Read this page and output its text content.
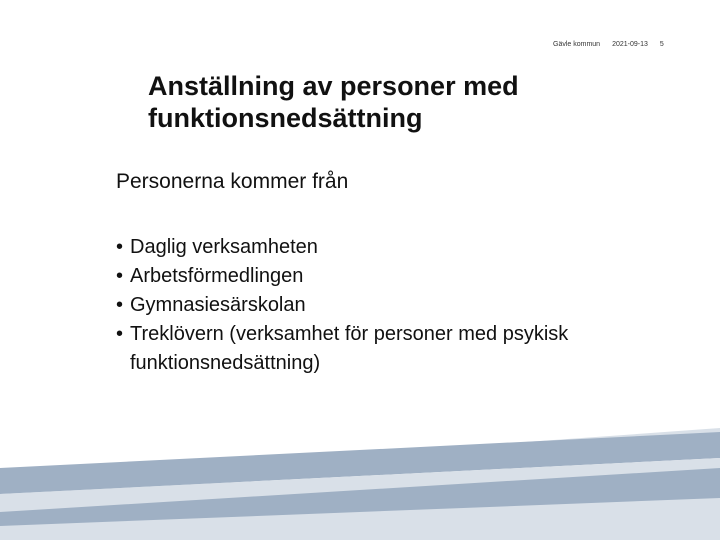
Gävle kommun 2021-09-13 5
Anställning av personer med
funktionsnedsättning
Personerna kommer från
• Daglig verksamheten
• Arbetsförmedlingen
• Gymnasiesärskolan
• Treklövern (verksamhet för personer med psykisk funktionsnedsättning)
